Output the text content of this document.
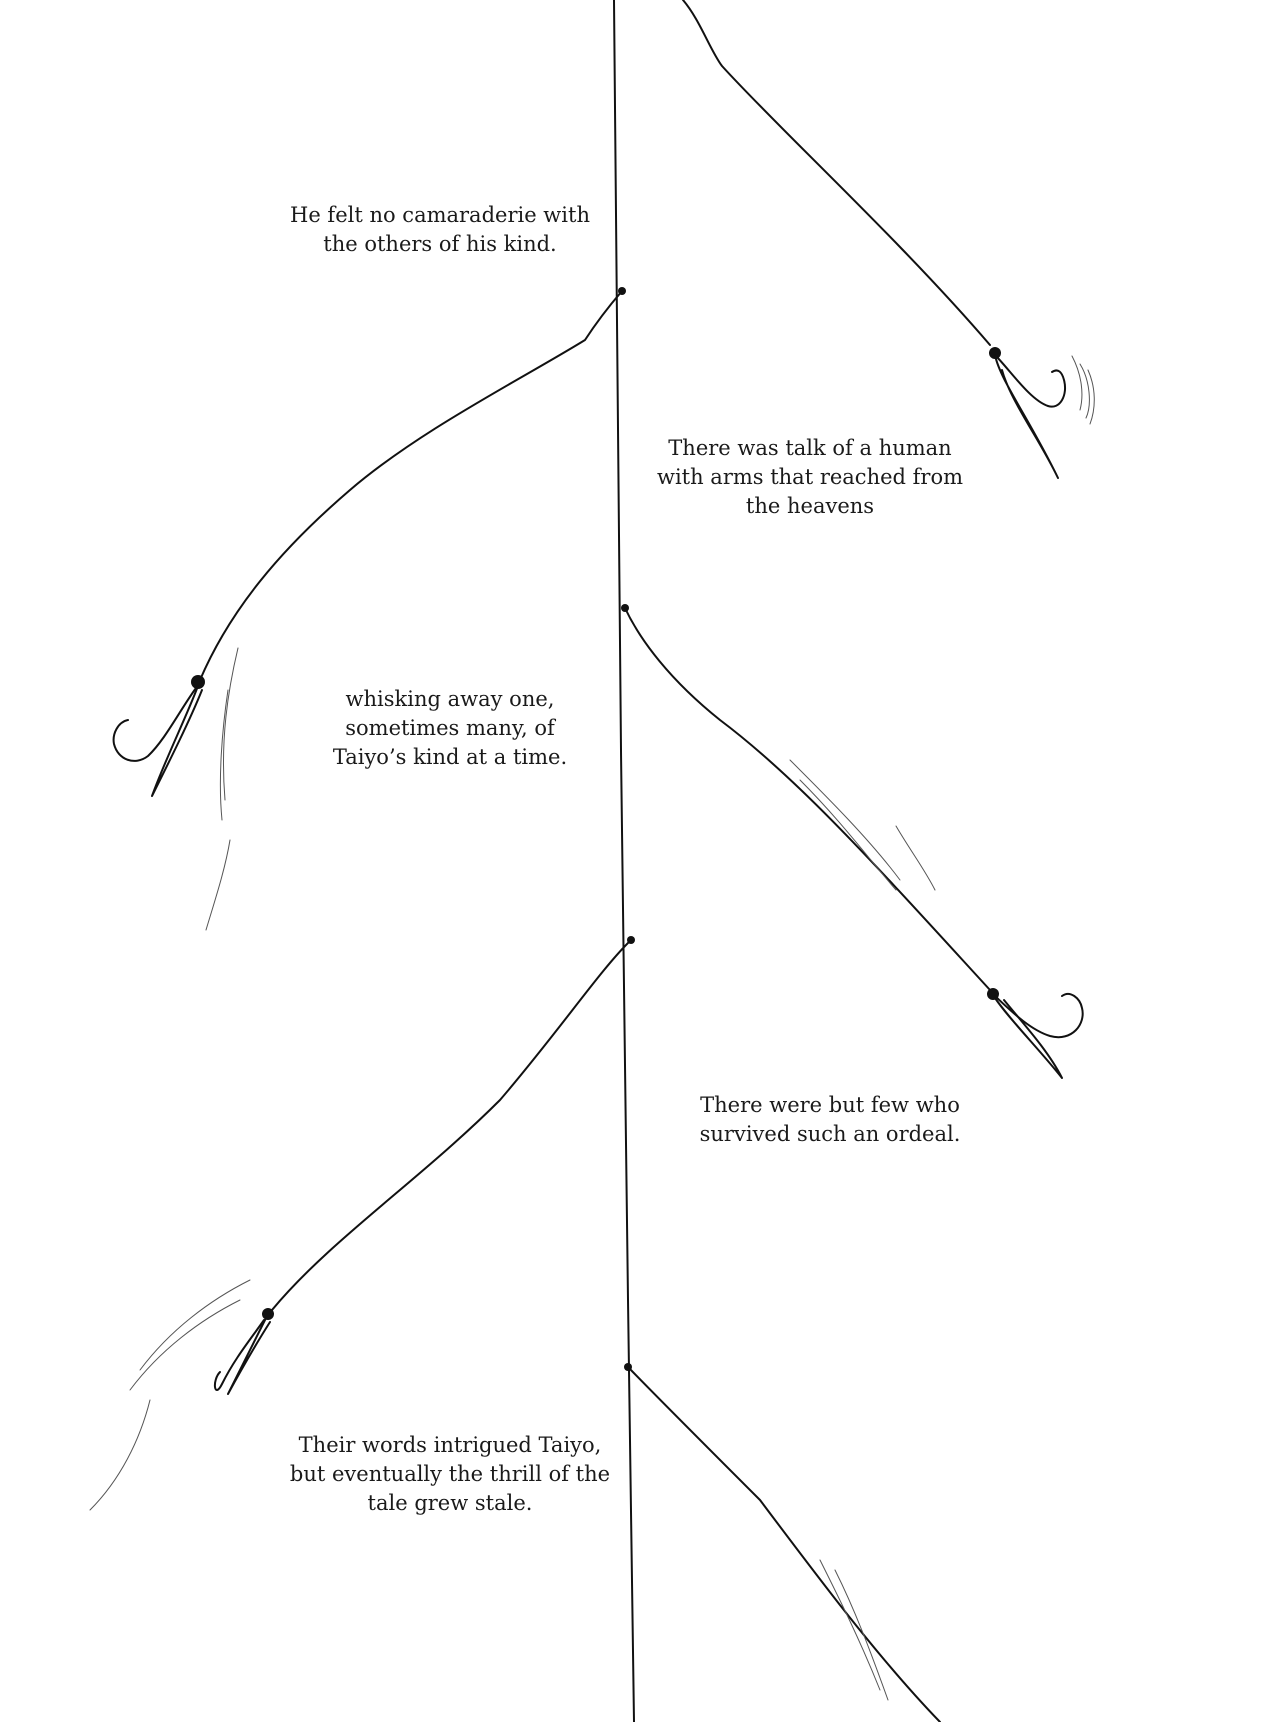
He felt no camaraderie with
the others of his kind.
There was talk of a human
with arms that reached from
the heavens
whisking away one,
sometimes many, of
Taiyo’s kind at a time.
There were but few who
survived such an ordeal.
Their words intrigued Taiyo,
but eventually the thrill of the
tale grew stale.
